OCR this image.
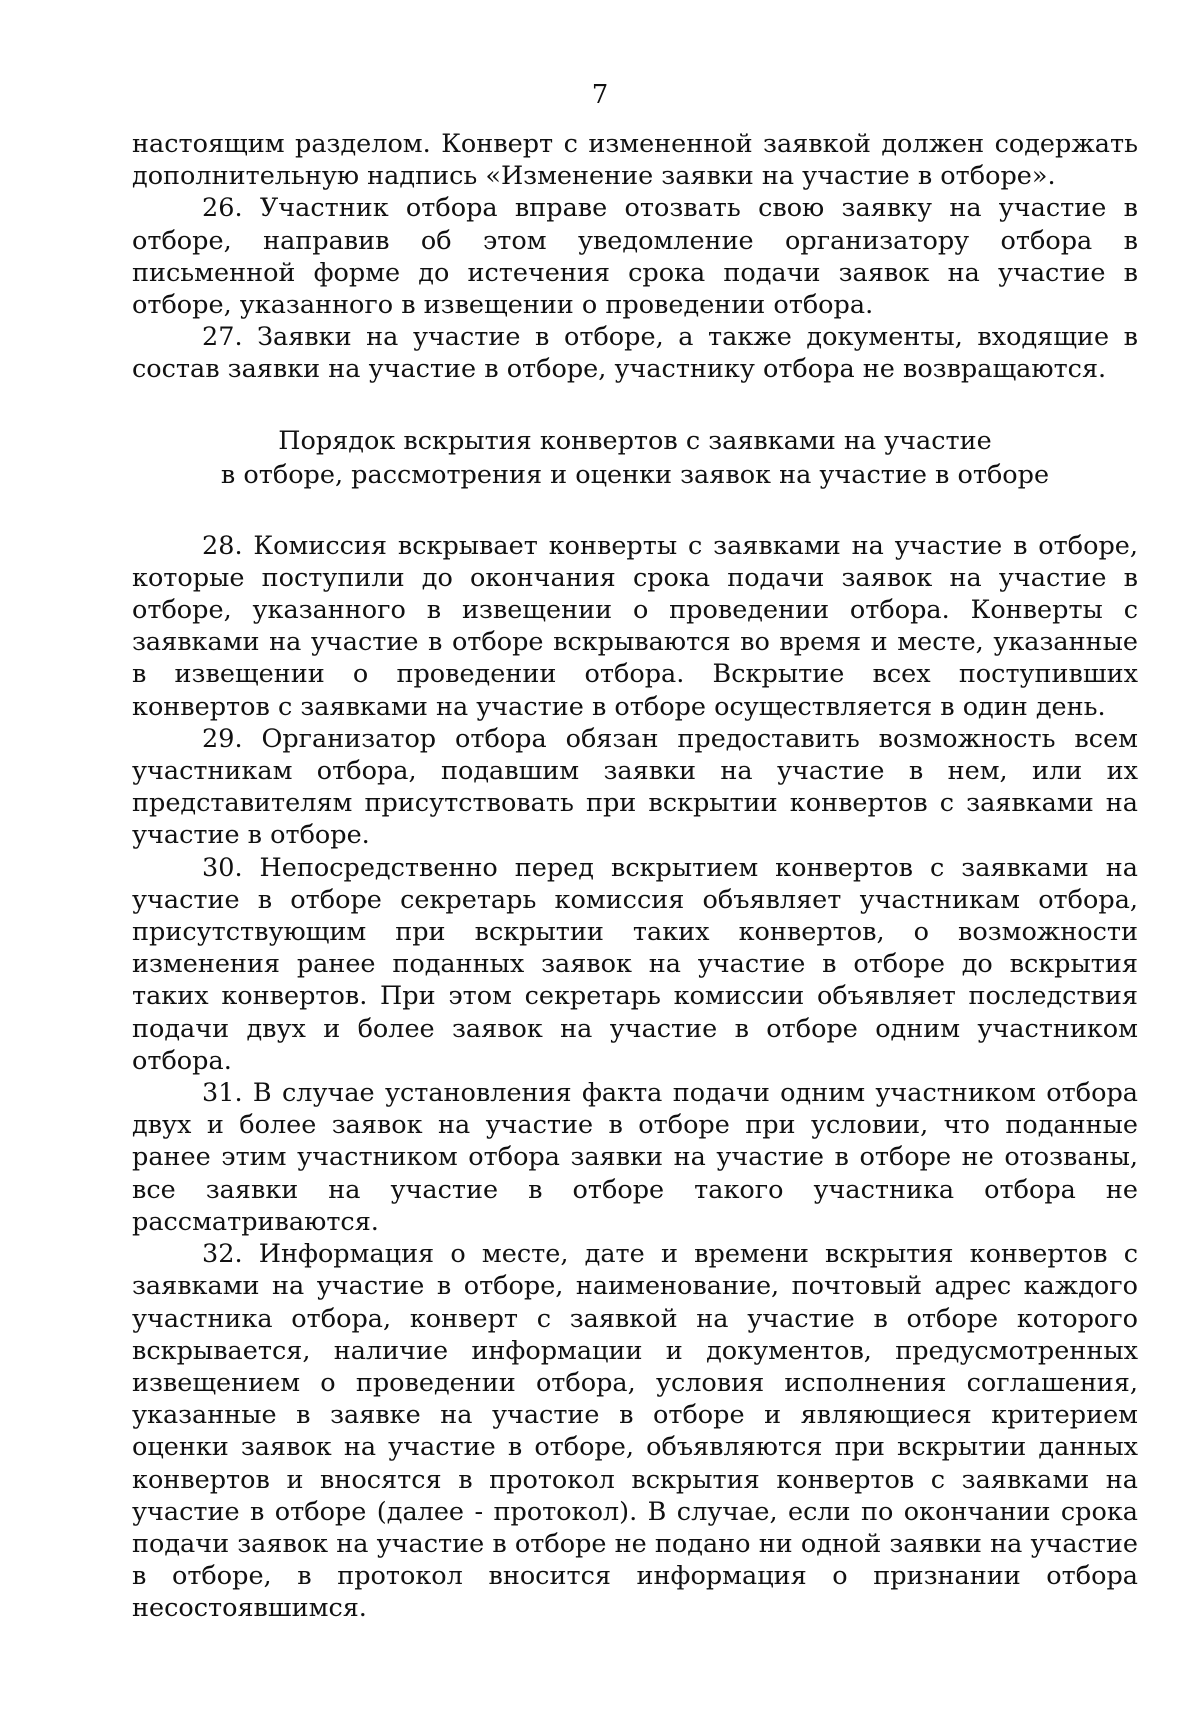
7

настоящим разделом. Конверт с измененной заявкой должен содержать дополнительную надпись «Изменение заявки на участие в отборе».

26. Участник отбора вправе отозвать свою заявку на участие в отборе, направив об этом уведомление организатору отбора в письменной форме до истечения срока подачи заявок на участие в отборе, указанного в извещении о проведении отбора.

27. Заявки на участие в отборе, а также документы, входящие в состав заявки на участие в отборе, участнику отбора не возвращаются.

Порядок вскрытия конвертов с заявками на участие
в отборе, рассмотрения и оценки заявок на участие в отборе

28. Комиссия вскрывает конверты с заявками на участие в отборе, которые поступили до окончания срока подачи заявок на участие в отборе, указанного в извещении о проведении отбора. Конверты с заявками на участие в отборе вскрываются во время и месте, указанные в извещении о проведении отбора. Вскрытие всех поступивших конвертов с заявками на участие в отборе осуществляется в один день.

29. Организатор отбора обязан предоставить возможность всем участникам отбора, подавшим заявки на участие в нем, или их представителям присутствовать при вскрытии конвертов с заявками на участие в отборе.

30. Непосредственно перед вскрытием конвертов с заявками на участие в отборе секретарь комиссия объявляет участникам отбора, присутствующим при вскрытии таких конвертов, о возможности изменения ранее поданных заявок на участие в отборе до вскрытия таких конвертов. При этом секретарь комиссии объявляет последствия подачи двух и более заявок на участие в отборе одним участником отбора.

31. В случае установления факта подачи одним участником отбора двух и более заявок на участие в отборе при условии, что поданные ранее этим участником отбора заявки на участие в отборе не отозваны, все заявки на участие в отборе такого участника отбора не рассматриваются.

32. Информация о месте, дате и времени вскрытия конвертов с заявками на участие в отборе, наименование, почтовый адрес каждого участника отбора, конверт с заявкой на участие в отборе которого вскрывается, наличие информации и документов, предусмотренных извещением о проведении отбора, условия исполнения соглашения, указанные в заявке на участие в отборе и являющиеся критерием оценки заявок на участие в отборе, объявляются при вскрытии данных конвертов и вносятся в протокол вскрытия конвертов с заявками на участие в отборе (далее - протокол). В случае, если по окончании срока подачи заявок на участие в отборе не подано ни одной заявки на участие в отборе, в протокол вносится информация о признании отбора несостоявшимся.
